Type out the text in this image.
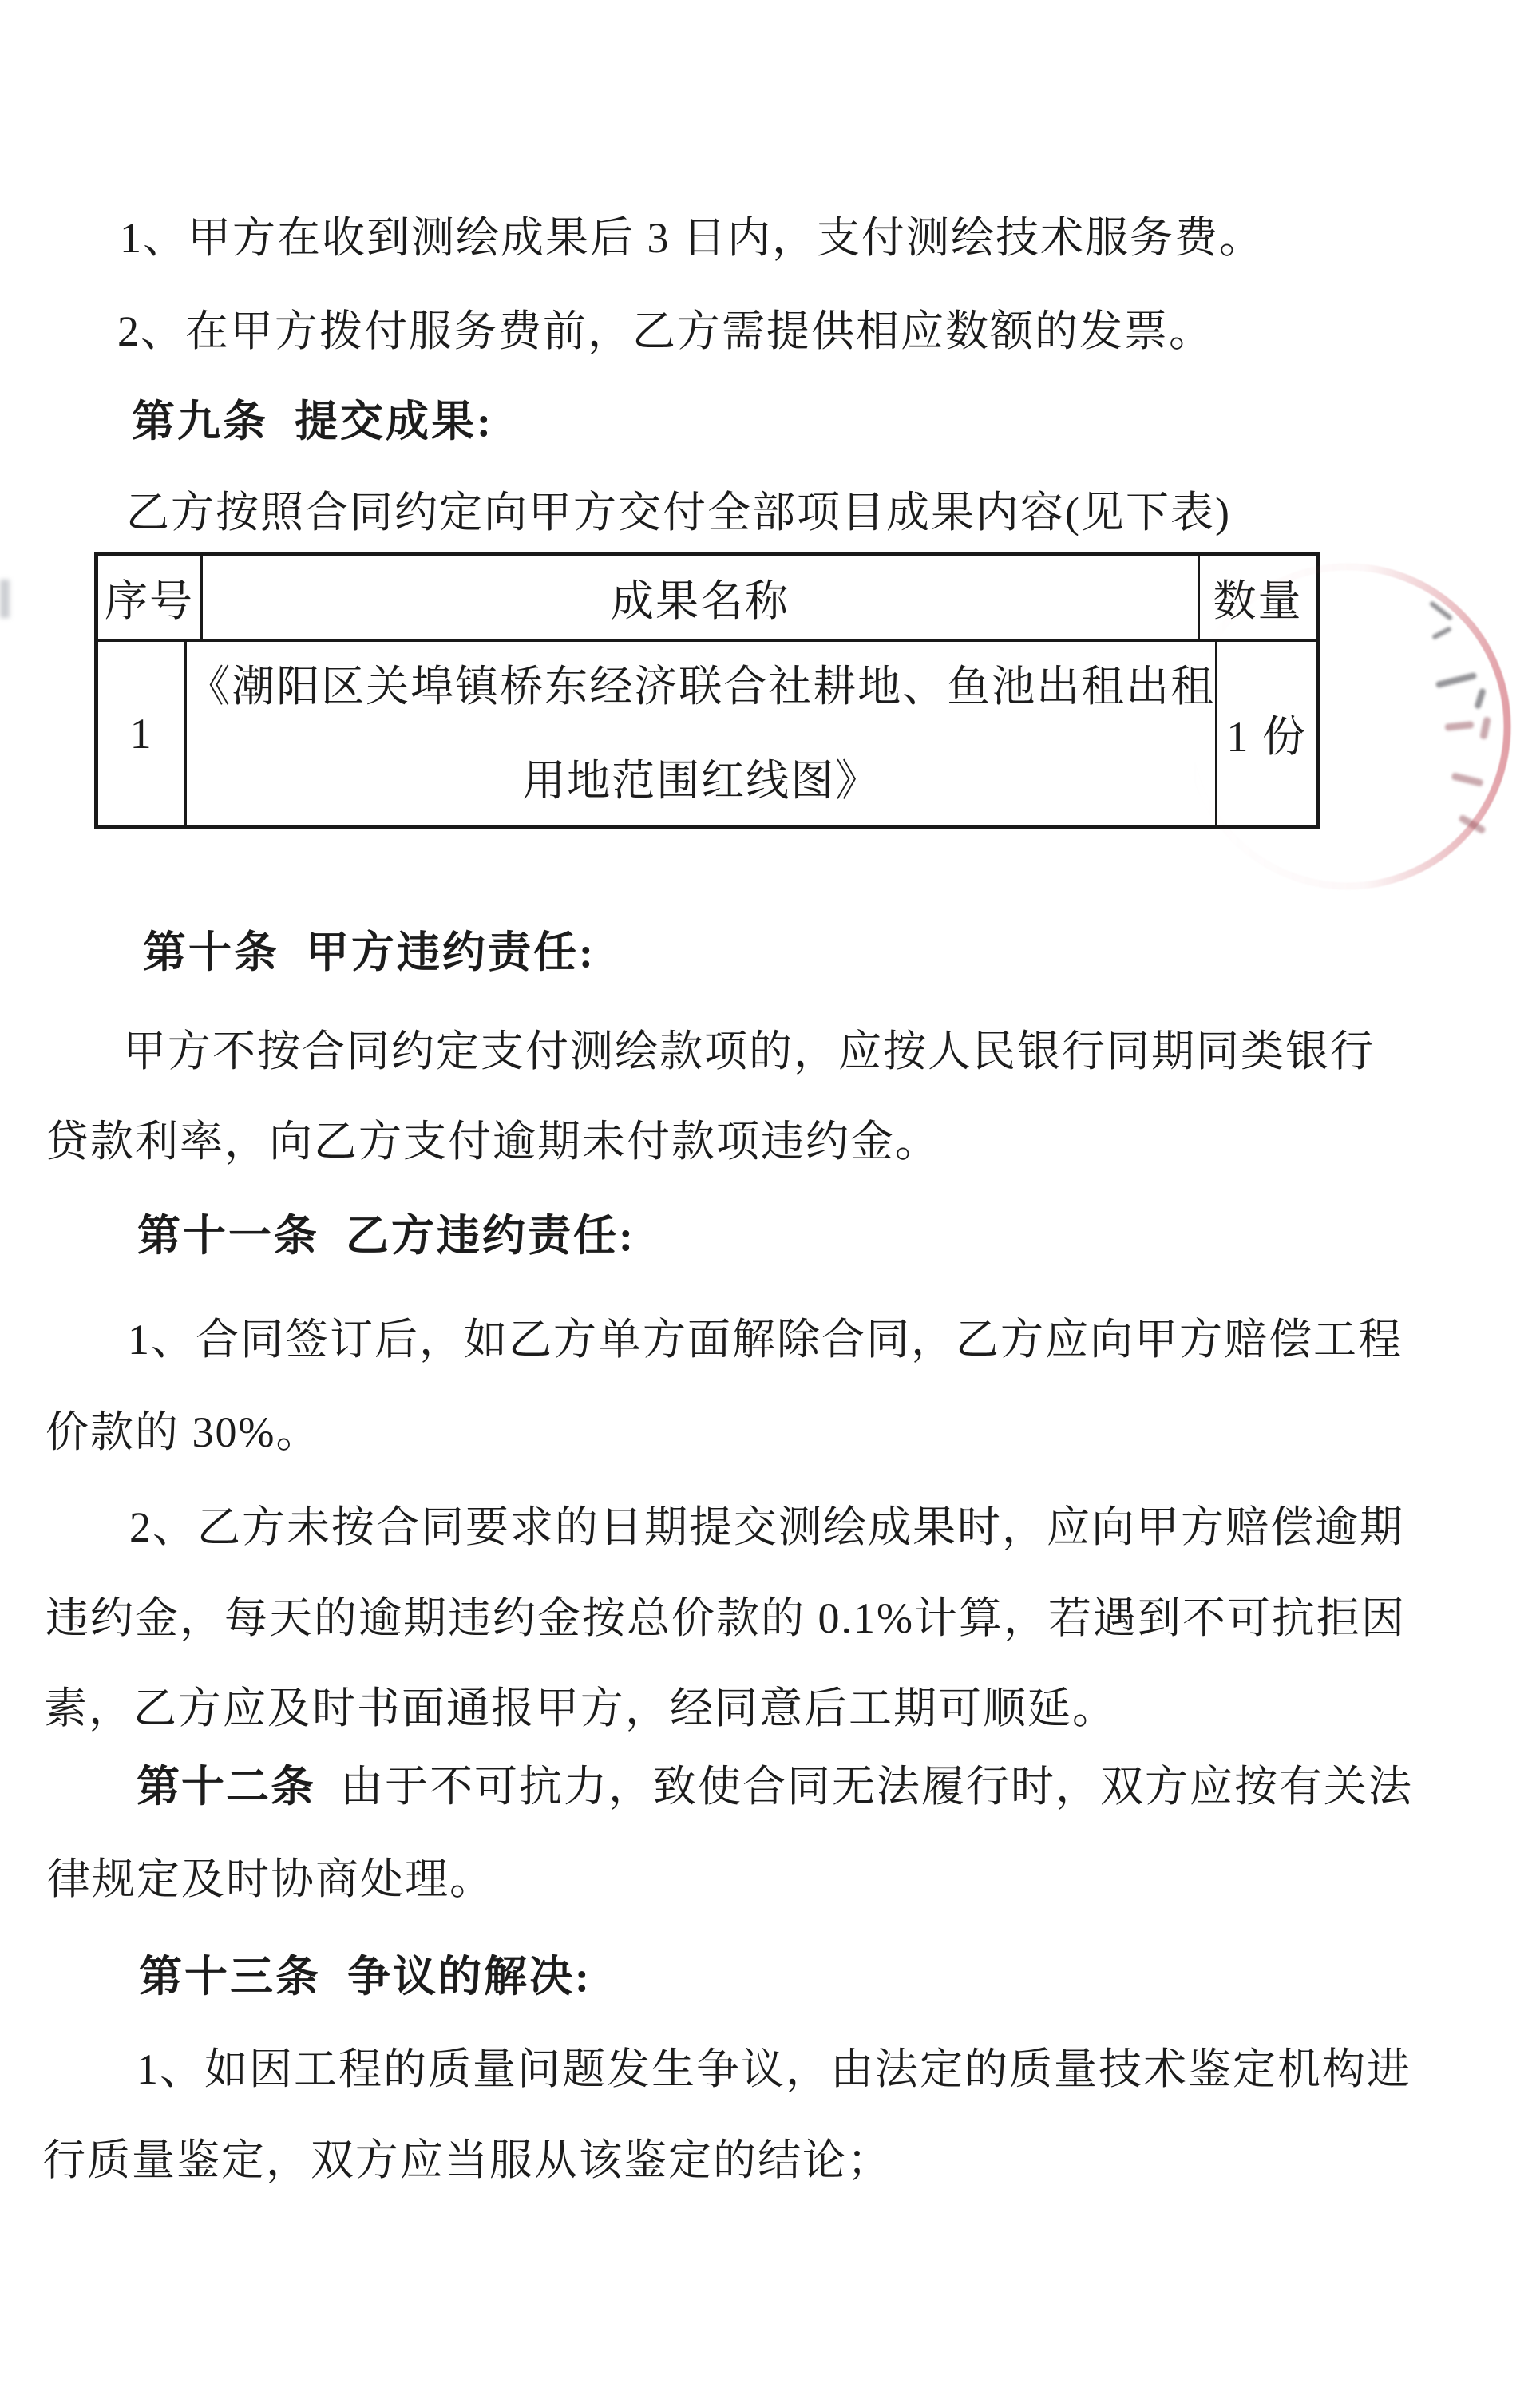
1、甲方在收到测绘成果后 3 日内，支付测绘技术服务费。
2、在甲方拨付服务费前，乙方需提供相应数额的发票。
第九条  提交成果:
乙方按照合同约定向甲方交付全部项目成果内容(见下表)
第十条  甲方违约责任:
甲方不按合同约定支付测绘款项的，应按人民银行同期同类银行
贷款利率，向乙方支付逾期未付款项违约金。
第十一条  乙方违约责任:
1、合同签订后，如乙方单方面解除合同，乙方应向甲方赔偿工程
价款的 30%。
2、乙方未按合同要求的日期提交测绘成果时，应向甲方赔偿逾期
违约金，每天的逾期违约金按总价款的 0.1%计算，若遇到不可抗拒因
素，乙方应及时书面通报甲方，经同意后工期可顺延。
第十二条  由于不可抗力，致使合同无法履行时，双方应按有关法
律规定及时协商处理。
第十三条  争议的解决:
1、如因工程的质量问题发生争议，由法定的质量技术鉴定机构进
行质量鉴定，双方应当服从该鉴定的结论；
序号	成果名称	数量
1
《潮阳区关埠镇桥东经济联合社耕地、鱼池出租出租
用地范围红线图》
1 份
